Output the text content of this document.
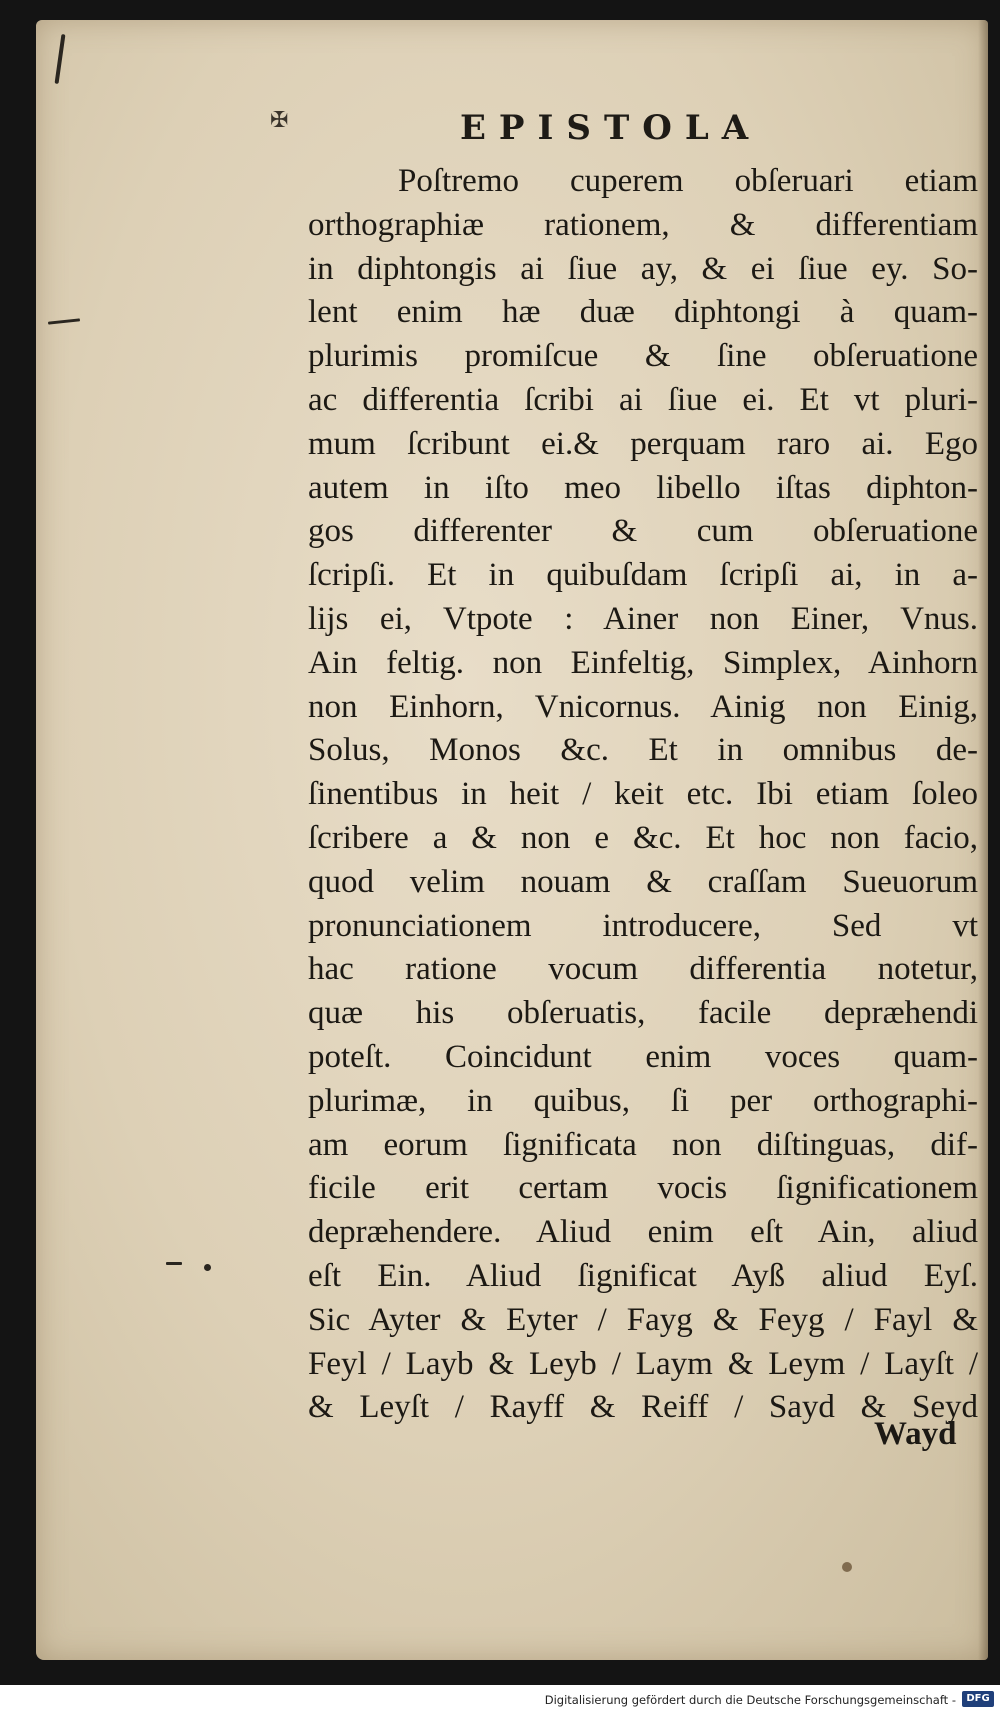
✠	EPISTOLA
Poſtremo cuperem obſeruari etiam
orthographiæ rationem, & differentiam
in diphtongis ai ſiue ay, & ei ſiue ey. So-
lent enim hæ duæ diphtongi à quam-
plurimis promiſcue & ſine obſeruatione
ac differentia ſcribi ai ſiue ei. Et vt pluri-
mum ſcribunt ei.& perquam raro ai. Ego
autem in iſto meo libello iſtas diphton-
gos differenter & cum obſeruatione
ſcripſi. Et in quibuſdam ſcripſi ai, in a-
lijs ei, Vtpote : Ainer non Einer, Vnus.
Ain feltig. non Einfeltig, Simplex, Ainhorn
non Einhorn, Vnicornus. Ainig non Einig,
Solus, Monos &c. Et in omnibus de-
ſinentibus in heit / keit etc. Ibi etiam ſoleo
ſcribere a & non e &c. Et hoc non facio,
quod velim nouam & craſſam Sueuorum
pronunciationem introducere, Sed vt
hac ratione vocum differentia notetur,
quæ his obſeruatis, facile depræhendi
poteſt. Coincidunt enim voces quam-
plurimæ, in quibus, ſi per orthographi-
am eorum ſignificata non diſtinguas, dif-
ficile erit certam vocis ſignificationem
depræhendere. Aliud enim eſt Ain, aliud
eſt Ein. Aliud ſignificat Ayß aliud Eyſ.
Sic Ayter & Eyter / Fayg & Feyg / Fayl &
Feyl / Layb & Leyb / Laym & Leym / Layſt /
& Leyſt / Rayff & Reiff / Sayd & Seyd
Wayd
Digitalisierung gefördert durch die Deutsche Forschungsgemeinschaft -	DFG
